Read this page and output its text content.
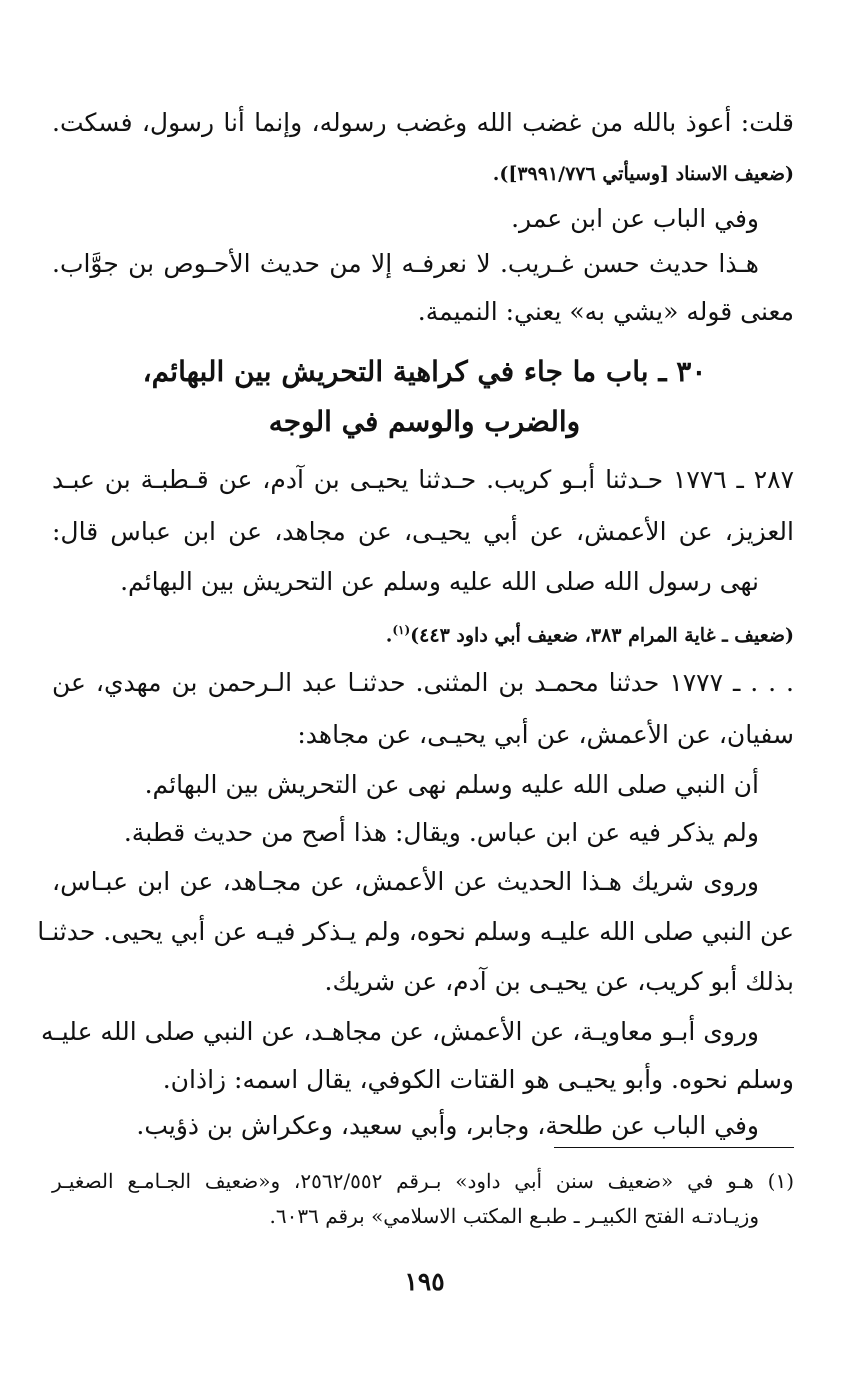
قلت: أعوذ بالله من غضب الله وغضب رسوله، وإنما أنا رسول، فسكت.
(ضعيف الاسناد [وسيأتي ٣٩٩١/٧٧٦]).
وفي الباب عن ابن عمر.
هـذا حديث حسن غـريب. لا نعرفـه إلا من حديث الأحـوص بن جوَّاب.
معنى قوله «يشي به» يعني: النميمة.
٣٠ ـ باب ما جاء في كراهية التحريش بين البهائم،
والضرب والوسم في الوجه
٢٨٧ ـ ١٧٧٦ حـدثنا أبـو كريب. حـدثنا يحيـى بن آدم، عن قـطبـة بن عبـد
العزيز، عن الأعمش، عن أبي يحيـى، عن مجاهد، عن ابن عباس قال:
نهى رسول الله صلى الله عليه وسلم عن التحريش بين البهائم.
(ضعيف ـ غاية المرام ٣٨٣، ضعيف أبي داود ٤٤٣)$^{(١)}$.
. . . ـ ١٧٧٧ حدثنا محمـد بن المثنى. حدثنـا عبد الـرحمن بن مهدي، عن
سفيان، عن الأعمش، عن أبي يحيـى، عن مجاهد:
أن النبي صلى الله عليه وسلم نهى عن التحريش بين البهائم.
ولم يذكر فيه عن ابن عباس. ويقال: هذا أصح من حديث قطبة.
وروى شريك هـذا الحديث عن الأعمش، عن مجـاهد، عن ابن عبـاس،
عن النبي صلى الله عليـه وسلم نحوه، ولم يـذكر فيـه عن أبي يحيى. حدثنـا
بذلك أبو كريب، عن يحيـى بن آدم، عن شريك.
وروى أبـو معاويـة، عن الأعمش، عن مجاهـد، عن النبي صلى الله عليـه
وسلم نحوه. وأبو يحيـى هو القتات الكوفي، يقال اسمه: زاذان.
وفي الباب عن طلحة، وجابر، وأبي سعيد، وعكراش بن ذؤيب.
(١) هـو في «ضعيف سنن أبي داود» بـرقم ٢٥٦٢/٥٥٢، و«ضعيف الجـامـع الصغيـر
وزيـادتـه الفتح الكبيـر ـ طبـع المكتب الاسلامي» برقم ٦٠٣٦.
١٩٥
